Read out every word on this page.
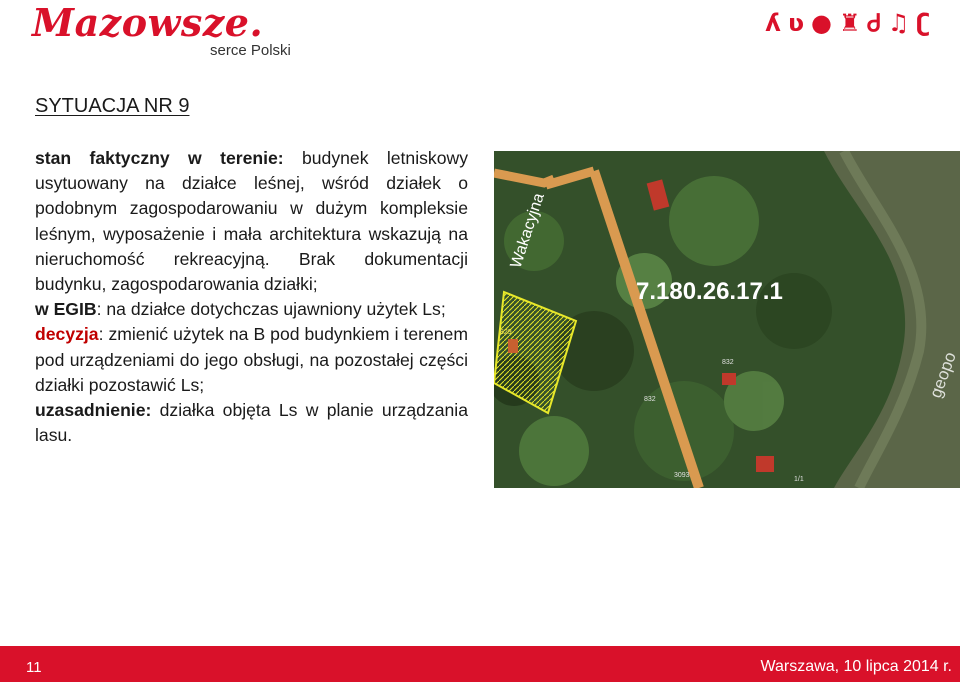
Mazowsze.
serce Polski
ʎ ʋ ● ♜ Ꮷ ♫ ʗ
SYTUACJA NR 9

stan faktyczny w terenie: budynek letniskowy usytuowany na działce leśnej, wśród działek o podobnym zagospodarowaniu w dużym kompleksie leśnym, wyposażenie i mała architektura wskazują na nieruchomość rekreacyjną. Brak dokumentacji budynku, zagospodarowania działki;

w EGIB: na działce dotychczas ujawniony użytek Ls;

decyzja: zmienić użytek na B pod budynkiem i terenem pod urządzeniami do jego obsługi, na pozostałej części działki pozostawić Ls;

uzasadnienie: działka objęta Ls w planie urządzania lasu.

Wakacyjna
7.180.26.17.1
829
832
832
3093
1/1
geopo
11	Warszawa, 10 lipca 2014 r.
